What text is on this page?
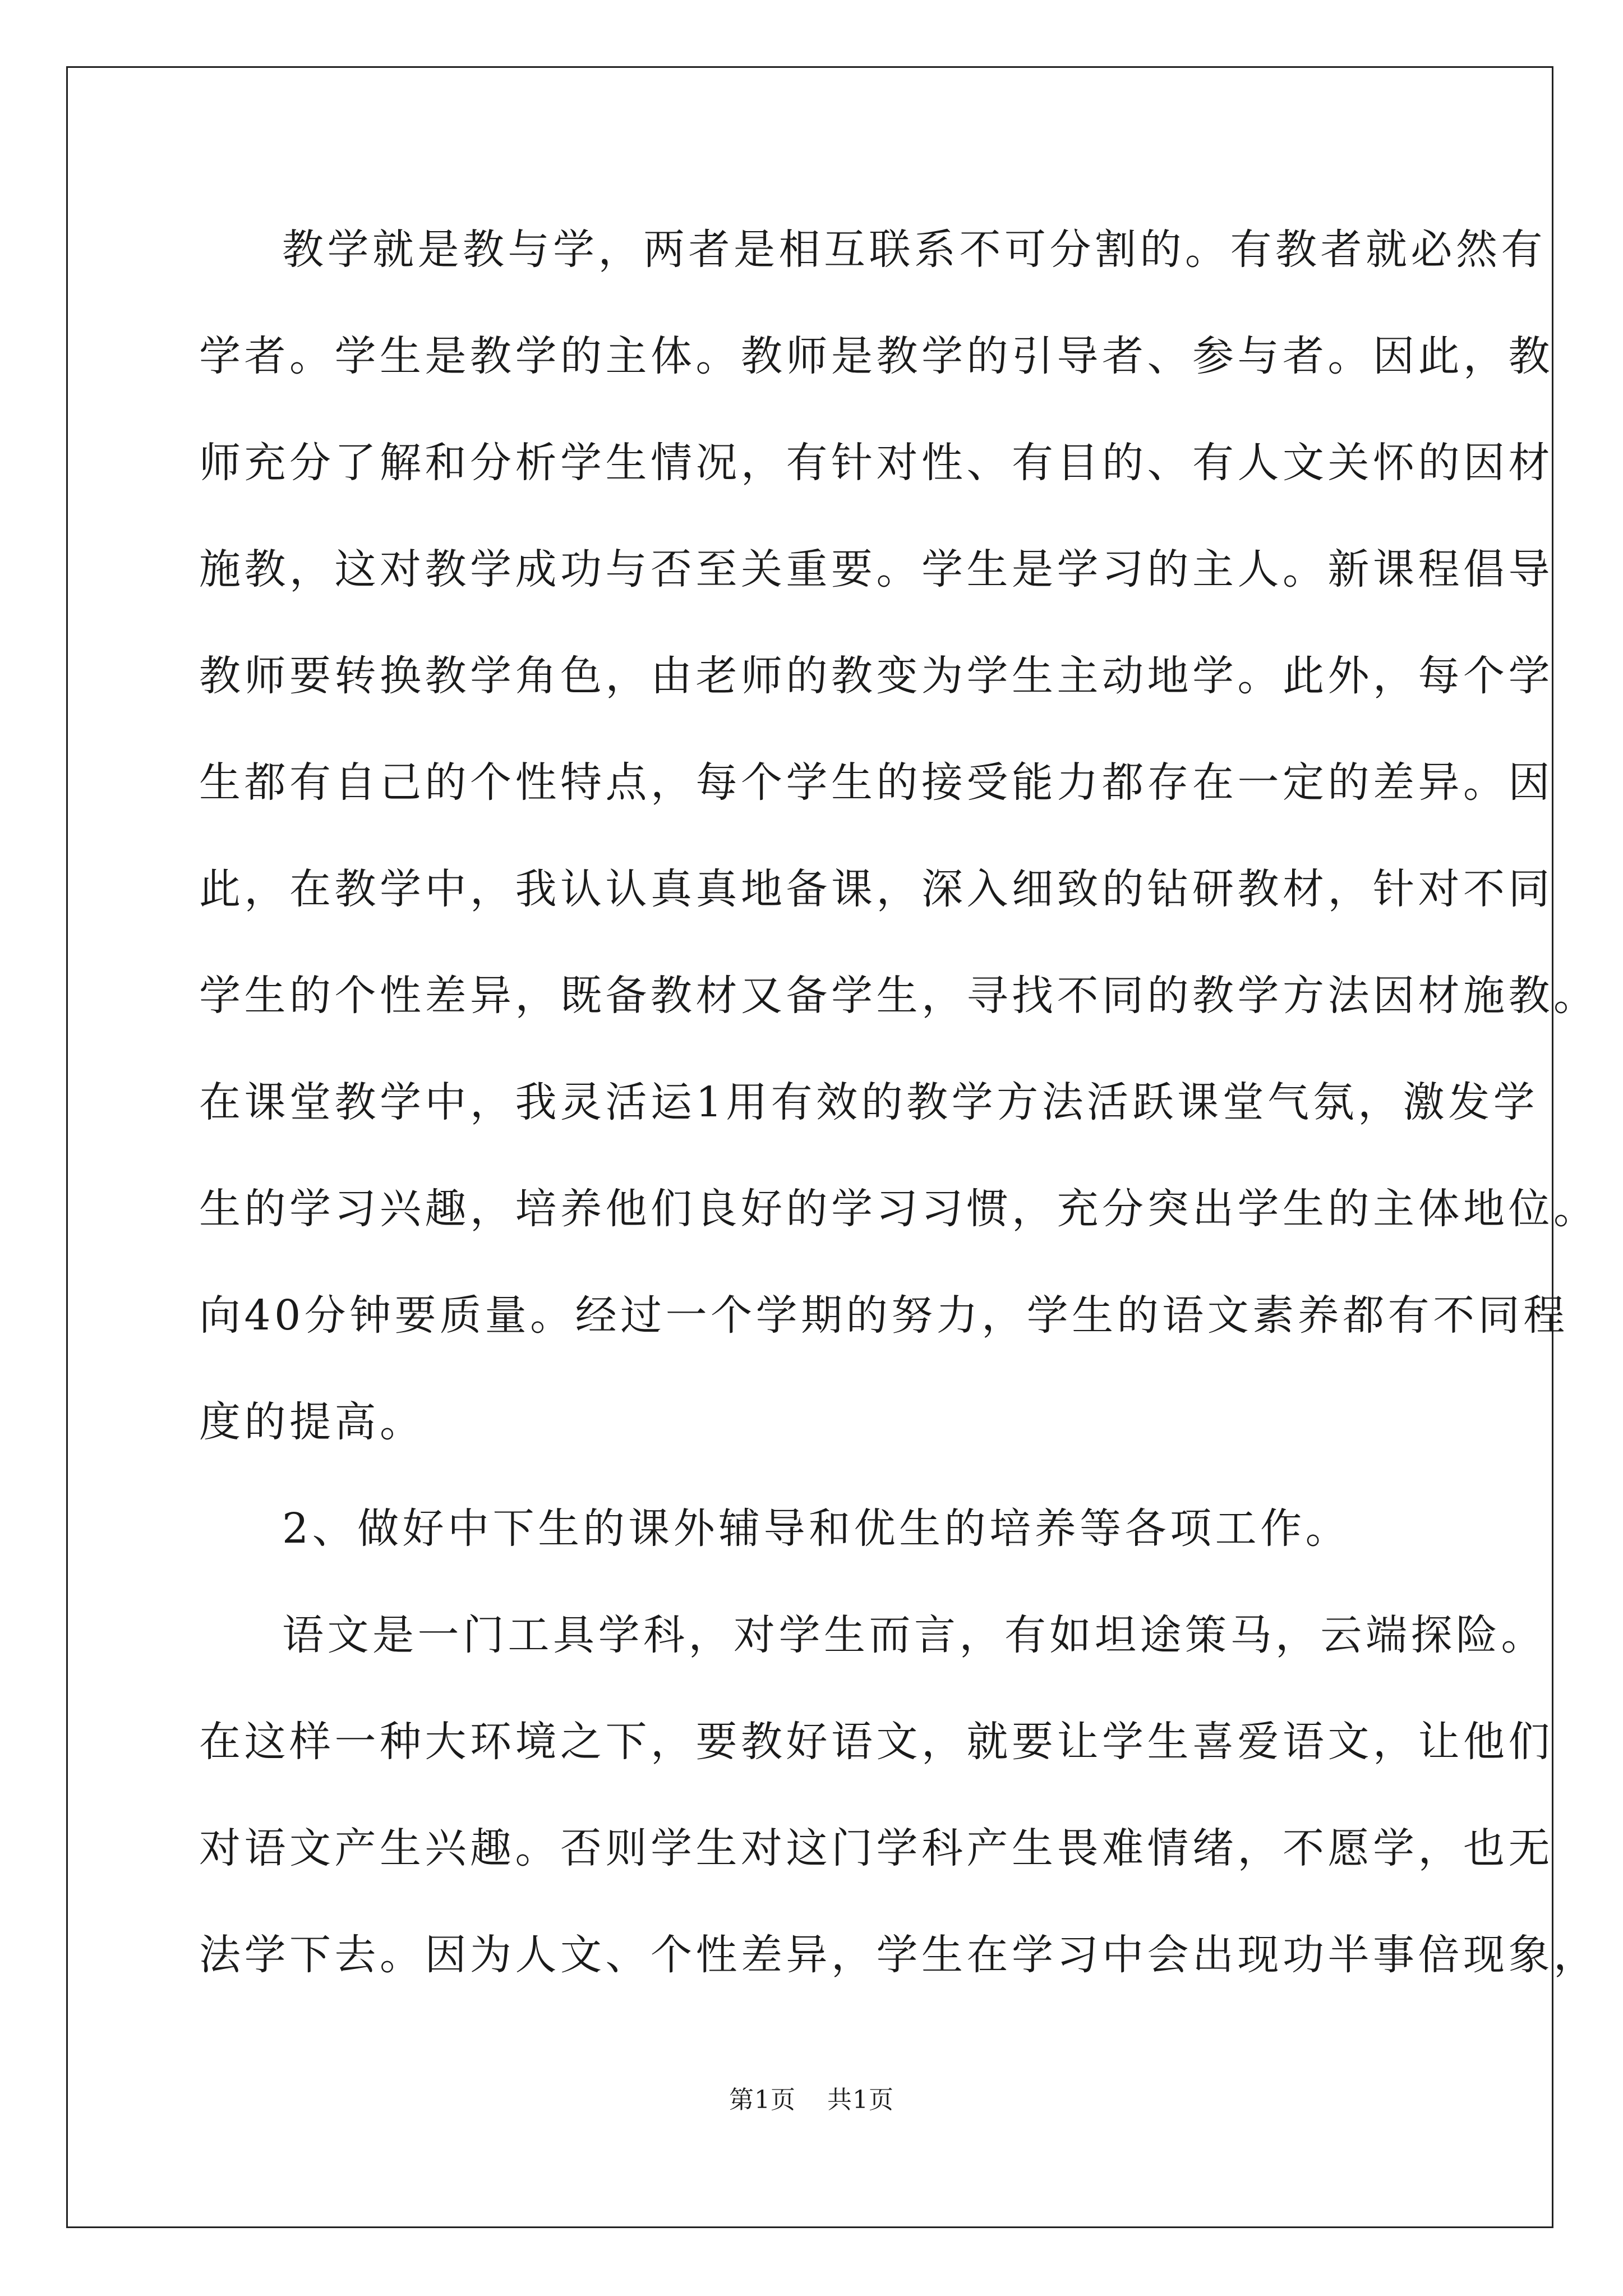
教学就是教与学，两者是相互联系不可分割的。有教者就必然有
学者。学生是教学的主体。教师是教学的引导者、参与者。因此，教
师充分了解和分析学生情况，有针对性、有目的、有人文关怀的因材
施教，这对教学成功与否至关重要。学生是学习的主人。新课程倡导
教师要转换教学角色，由老师的教变为学生主动地学。此外，每个学
生都有自己的个性特点，每个学生的接受能力都存在一定的差异。因
此，在教学中，我认认真真地备课，深入细致的钻研教材，针对不同
学生的个性差异，既备教材又备学生，寻找不同的教学方法因材施教。
在课堂教学中，我灵活运1用有效的教学方法活跃课堂气氛，激发学
生的学习兴趣，培养他们良好的学习习惯，充分突出学生的主体地位。
向40分钟要质量。经过一个学期的努力，学生的语文素养都有不同程
度的提高。
2、做好中下生的课外辅导和优生的培养等各项工作。
语文是一门工具学科，对学生而言，有如坦途策马，云端探险。
在这样一种大环境之下，要教好语文，就要让学生喜爱语文，让他们
对语文产生兴趣。否则学生对这门学科产生畏难情绪，不愿学，也无
法学下去。因为人文、个性差异，学生在学习中会出现功半事倍现象，
第1页 共1页
